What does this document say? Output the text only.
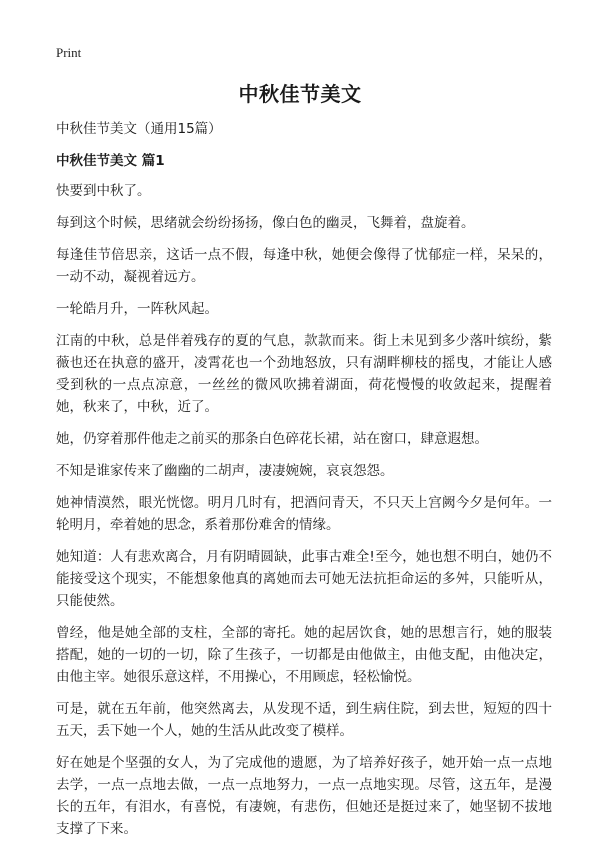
Print
中秋佳节美文

中秋佳节美文（通用15篇）

中秋佳节美文 篇1

快要到中秋了。

每到这个时候，思绪就会纷纷扬扬，像白色的幽灵，飞舞着，盘旋着。

每逢佳节倍思亲，这话一点不假，每逢中秋，她便会像得了忧郁症一样，呆呆的，一动不动，凝视着远方。

一轮皓月升，一阵秋风起。

江南的中秋，总是伴着残存的夏的气息，款款而来。街上未见到多少落叶缤纷，紫薇也还在执意的盛开，凌霄花也一个劲地怒放，只有湖畔柳枝的摇曳，才能让人感受到秋的一点点凉意，一丝丝的微风吹拂着湖面，荷花慢慢的收敛起来，提醒着她，秋来了，中秋，近了。

她，仍穿着那件他走之前买的那条白色碎花长裙，站在窗口，肆意遐想。

不知是谁家传来了幽幽的二胡声，凄凄婉婉，哀哀怨怨。

她神情漠然，眼光恍惚。明月几时有，把酒问青天，不只天上宫阙今夕是何年。一轮明月，牵着她的思念，系着那份难舍的情缘。

她知道：人有悲欢离合，月有阴晴圆缺，此事古难全!至今，她也想不明白，她仍不能接受这个现实，不能想象他真的离她而去可她无法抗拒命运的多舛，只能听从，只能使然。

曾经，他是她全部的支柱，全部的寄托。她的起居饮食，她的思想言行，她的服装搭配，她的一切的一切，除了生孩子，一切都是由他做主，由他支配，由他决定，由他主宰。她很乐意这样，不用操心，不用顾虑，轻松愉悦。

可是，就在五年前，他突然离去，从发现不适，到生病住院，到去世，短短的四十五天，丢下她一个人，她的生活从此改变了模样。

好在她是个坚强的女人，为了完成他的遗愿，为了培养好孩子，她开始一点一点地去学，一点一点地去做，一点一点地努力，一点一点地实现。尽管，这五年，是漫长的五年，有泪水，有喜悦，有凄婉，有悲伤，但她还是挺过来了，她坚韧不拔地支撑了下来。
